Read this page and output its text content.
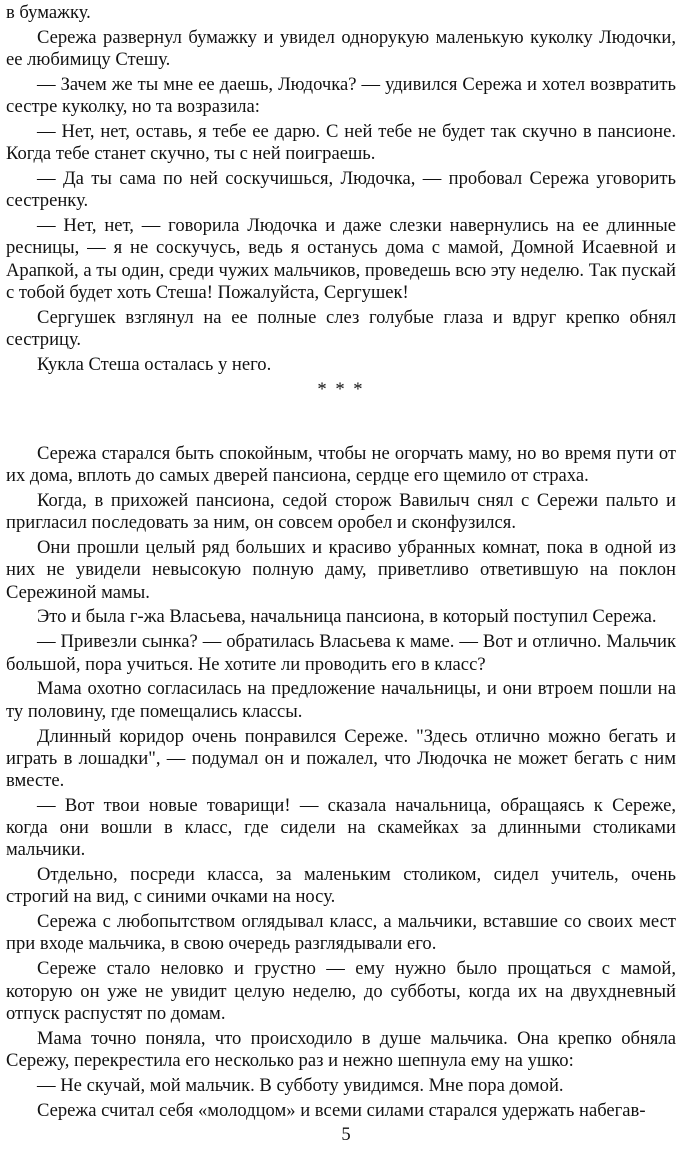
в бумажку.

Сережа развернул бумажку и увидел однорукую маленькую куколку Людочки, ее любимицу Стешу.

— Зачем же ты мне ее даешь, Людочка? — удивился Сережа и хотел возвратить сестре куколку, но та возразила:

— Нет, нет, оставь, я тебе ее дарю. С ней тебе не будет так скучно в пансионе. Когда тебе станет скучно, ты с ней поиграешь.

— Да ты сама по ней соскучишься, Людочка, — пробовал Сережа уговорить сестренку.

— Нет, нет, — говорила Людочка и даже слезки навернулись на ее длинные ресницы, — я не соскучусь, ведь я останусь дома с мамой, Домной Исаевной и Арапкой, а ты один, среди чужих мальчиков, проведешь всю эту неделю. Так пускай с тобой будет хоть Стеша! Пожалуйста, Сергушек!

Сергушек взглянул на ее полные слез голубые глаза и вдруг крепко обнял сестрицу.

Кукла Стеша осталась у него.

* * *

Сережа старался быть спокойным, чтобы не огорчать маму, но во время пути от их дома, вплоть до самых дверей пансиона, сердце его щемило от страха.

Когда, в прихожей пансиона, седой сторож Вавилыч снял с Сережи пальто и пригласил последовать за ним, он совсем оробел и сконфузился.

Они прошли целый ряд больших и красиво убранных комнат, пока в одной из них не увидели невысокую полную даму, приветливо ответившую на поклон Сережиной мамы.

Это и была г-жа Власьева, начальница пансиона, в который поступил Сережа.

— Привезли сынка? — обратилась Власьева к маме. — Вот и отлично. Мальчик большой, пора учиться. Не хотите ли проводить его в класс?

Мама охотно согласилась на предложение начальницы, и они втроем пошли на ту половину, где помещались классы.

Длинный коридор очень понравился Сереже. "Здесь отлично можно бегать и играть в лошадки", — подумал он и пожалел, что Людочка не может бегать с ним вместе.

— Вот твои новые товарищи! — сказала начальница, обращаясь к Сереже, когда они вошли в класс, где сидели на скамейках за длинными столиками мальчики.

Отдельно, посреди класса, за маленьким столиком, сидел учитель, очень строгий на вид, с синими очками на носу.

Сережа с любопытством оглядывал класс, а мальчики, вставшие со своих мест при входе мальчика, в свою очередь разглядывали его.

Сереже стало неловко и грустно — ему нужно было прощаться с мамой, которую он уже не увидит целую неделю, до субботы, когда их на двухдневный отпуск распустят по домам.

Мама точно поняла, что происходило в душе мальчика. Она крепко обняла Сережу, перекрестила его несколько раз и нежно шепнула ему на ушко:

— Не скучай, мой мальчик. В субботу увидимся. Мне пора домой.

Сережа считал себя «молодцом» и всеми силами старался удержать набегав-

5
